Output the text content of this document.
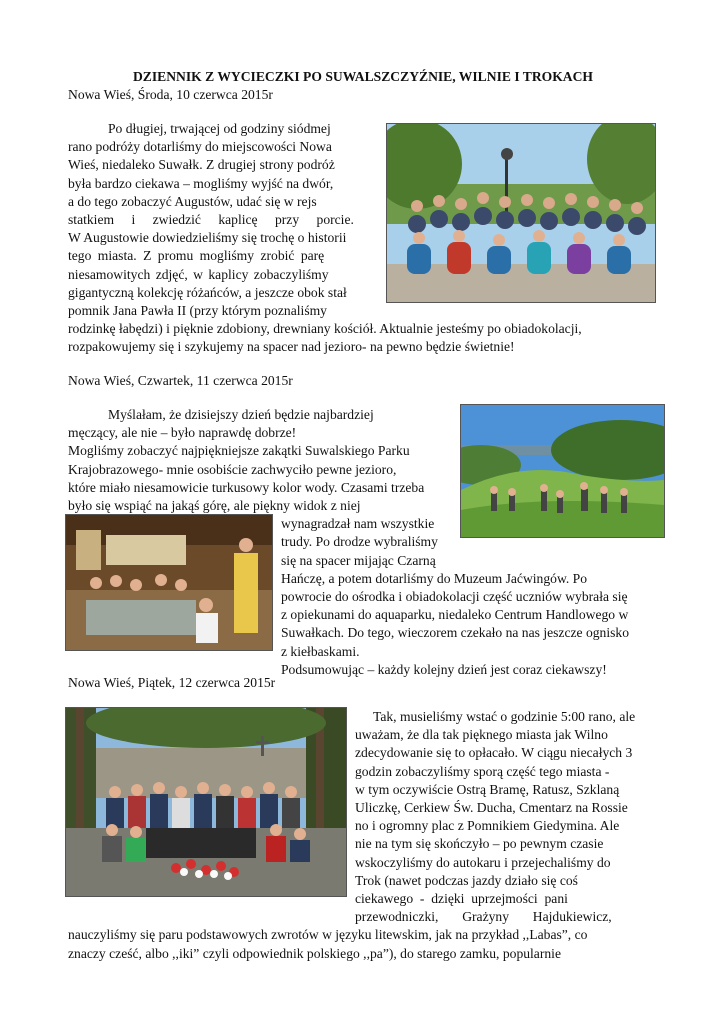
DZIENNIK Z WYCIECZKI PO SUWALSZCZYŹNIE, WILNIE I TROKACH
Nowa Wieś, Środa, 10 czerwca 2015r

Po długiej, trwającej od godziny siódmej

rano podróży dotarliśmy do miejscowości Nowa

Wieś, niedaleko Suwałk. Z drugiej strony podróż

była bardzo ciekawa – mogliśmy wyjść na dwór,

a do tego zobaczyć Augustów, udać się w rejs

statkiem i zwiedzić kaplicę przy porcie.

W Augustowie dowiedzieliśmy się trochę o historii

tego miasta. Z promu mogliśmy zrobić parę

niesamowitych zdjęć, w kaplicy zobaczyliśmy

gigantyczną kolekcję różańców, a jeszcze obok stał

pomnik Jana Pawła II (przy którym poznaliśmy

rodzinkę łabędzi) i pięknie zdobiony, drewniany kościół. Aktualnie jesteśmy po obiadokolacji,

rozpakowujemy się i szykujemy na spacer nad jezioro- na pewno będzie świetnie!

Nowa Wieś, Czwartek, 11 czerwca 2015r

Myślałam, że dzisiejszy dzień będzie najbardziej

męczący, ale nie – było naprawdę dobrze!

Mogliśmy zobaczyć najpiękniejsze zakątki Suwalskiego Parku

Krajobrazowego- mnie osobiście zachwyciło pewne jezioro,

które miało niesamowicie turkusowy kolor wody. Czasami trzeba

było się wspiąć na jakąś górę, ale piękny widok z niej

wynagradzał nam wszystkie

trudy. Po drodze wybraliśmy

się na spacer mijając Czarną

Hańczę, a potem dotarliśmy do Muzeum Jaćwingów. Po

powrocie do ośrodka i obiadokolacji część uczniów wybrała się

z opiekunami do aquaparku, niedaleko Centrum Handlowego w

Suwałkach. Do tego, wieczorem czekało na nas jeszcze ognisko

z kiełbaskami.

Podsumowując – każdy kolejny dzień jest coraz ciekawszy!

Nowa Wieś, Piątek, 12 czerwca 2015r

Tak, musieliśmy wstać o godzinie 5:00 rano, ale

uważam, że dla tak pięknego miasta jak Wilno

zdecydowanie się to opłacało. W ciągu niecałych 3

godzin zobaczyliśmy sporą część tego miasta -

w tym oczywiście Ostrą Bramę, Ratusz, Szklaną

Uliczkę, Cerkiew Św. Ducha, Cmentarz na Rossie

no i ogromny plac z Pomnikiem Giedymina. Ale

nie na tym się skończyło – po pewnym czasie

wskoczyliśmy do autokaru i przejechaliśmy do

Trok (nawet podczas jazdy działo się coś

ciekawego  -  dzięki  uprzejmości  pani

przewodniczki,       Grażyny       Hajdukiewicz,

nauczyliśmy się paru podstawowych zwrotów w języku litewskim, jak na przykład ,,Labas”, co

znaczy cześć, albo ,,iki” czyli odpowiednik polskiego ,,pa”), do starego zamku, popularnie
